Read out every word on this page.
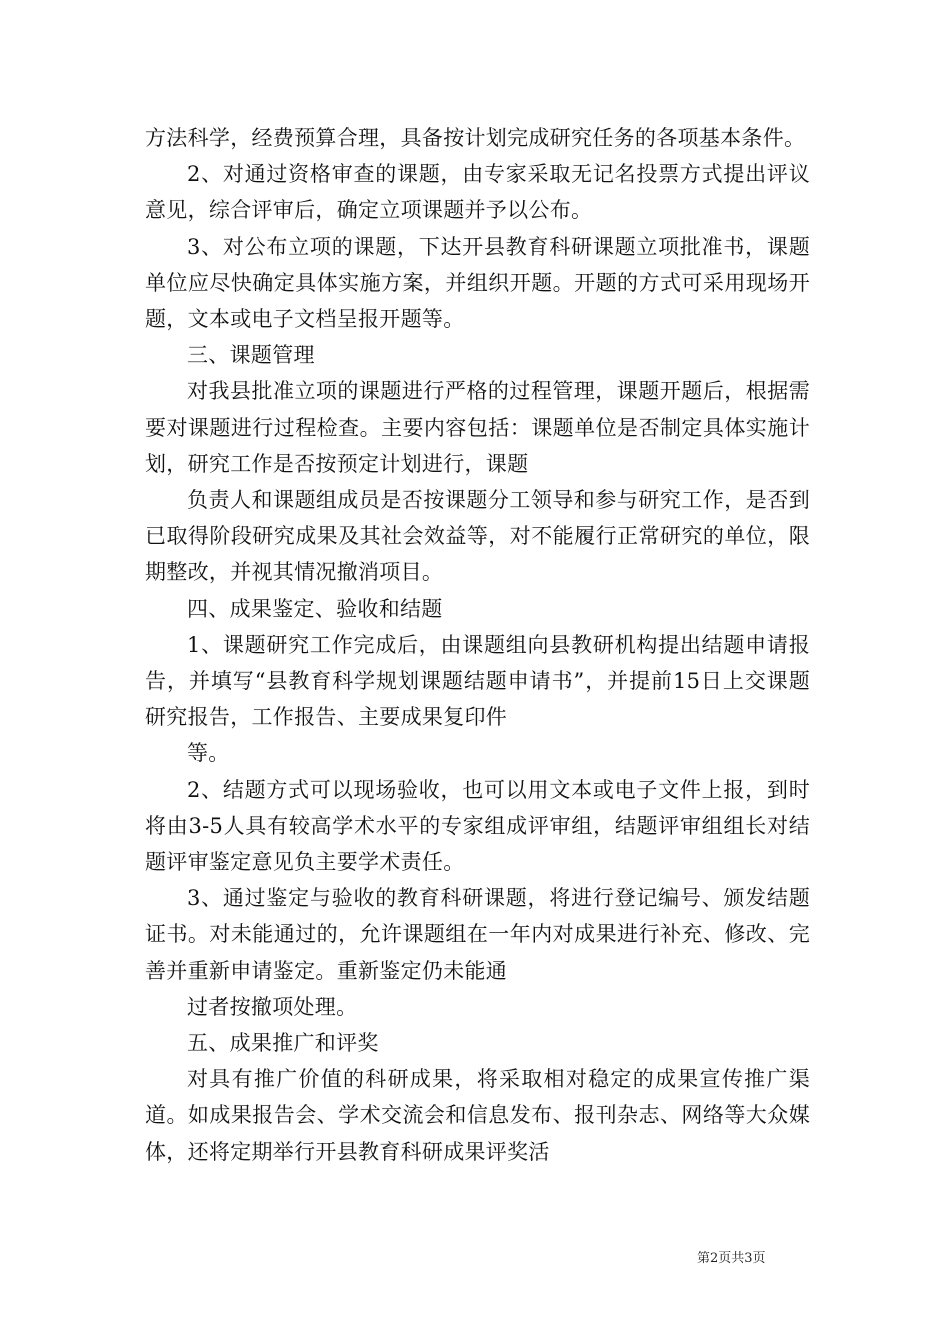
方法科学，经费预算合理，具备按计划完成研究任务的各项基本条件。

2、对通过资格审查的课题，由专家采取无记名投票方式提出评议意见，综合评审后，确定立项课题并予以公布。

3、对公布立项的课题，下达开县教育科研课题立项批准书，课题单位应尽快确定具体实施方案，并组织开题。开题的方式可采用现场开题，文本或电子文档呈报开题等。

三、课题管理

对我县批准立项的课题进行严格的过程管理，课题开题后，根据需要对课题进行过程检查。主要内容包括：课题单位是否制定具体实施计划，研究工作是否按预定计划进行，课题

负责人和课题组成员是否按课题分工领导和参与研究工作，是否到已取得阶段研究成果及其社会效益等，对不能履行正常研究的单位，限期整改，并视其情况撤消项目。

四、成果鉴定、验收和结题

1、课题研究工作完成后，由课题组向县教研机构提出结题申请报告，并填写“县教育科学规划课题结题申请书”，并提前15日上交课题研究报告，工作报告、主要成果复印件

等。

2、结题方式可以现场验收，也可以用文本或电子文件上报，到时将由3-5人具有较高学术水平的专家组成评审组，结题评审组组长对结题评审鉴定意见负主要学术责任。

3、通过鉴定与验收的教育科研课题，将进行登记编号、颁发结题证书。对未能通过的，允许课题组在一年内对成果进行补充、修改、完善并重新申请鉴定。重新鉴定仍未能通

过者按撤项处理。

五、成果推广和评奖

对具有推广价值的科研成果，将采取相对稳定的成果宣传推广渠道。如成果报告会、学术交流会和信息发布、报刊杂志、网络等大众媒体，还将定期举行开县教育科研成果评奖活

第2页共3页
